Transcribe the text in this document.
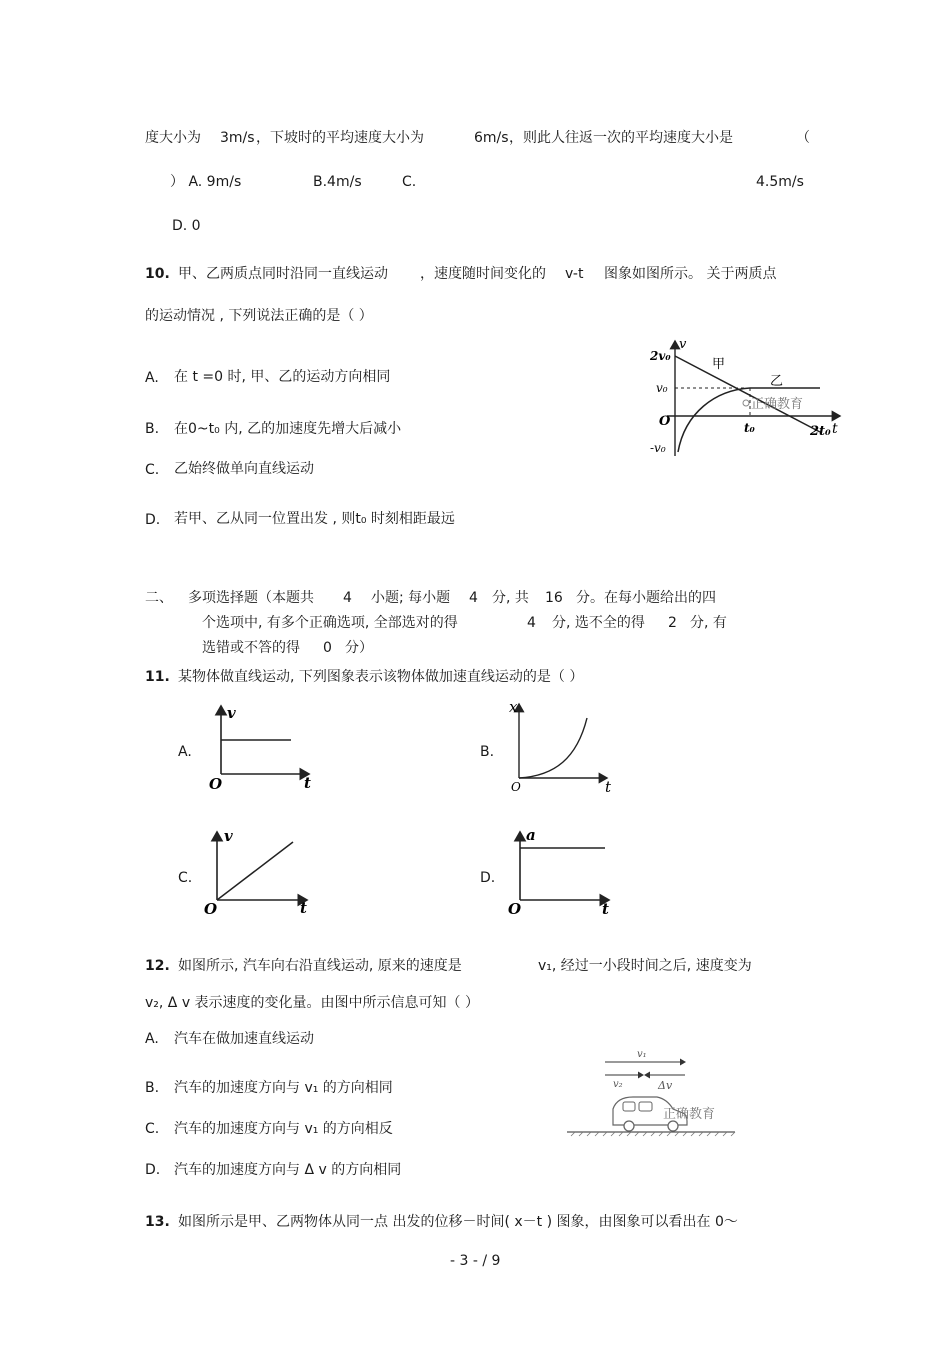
度大小为 3m/s ，下坡时的平均速度大小为	6m/s ，则此人往返一次的平均速度大小是	（
） A. 9m/s	B.4m/s	C.	4.5m/s
D. 0
10. 甲、乙两质点同时沿同一直线运动 ，速度随时间变化的 v-t 图象如图所示。 关于两质点
的运动情况 , 下列说法正确的是（ ）
A. 在 t =0 时, 甲、乙的运动方向相同
B. 在0~t₀ 内, 乙的加速度先增大后减小
C. 乙始终做单向直线运动
D. 若甲、乙从同一位置出发 , 则t₀ 时刻相距最远
v
t
2v₀
v₀
O
-v₀
t₀	2t₀
甲
乙
正确教育
二、 多项选择题（本题共 4 小题; 每小题 4 分, 共 16 分。在每小题给出的四
个选项中, 有多个正确选项, 全部选对的得	4 分, 选不全的得 2 分, 有
选错或不答的得 0 分）
11. 某物体做直线运动, 下列图象表示该物体做加速直线运动的是（ ）
A.	B.
C.	D.
v
t
O
x
t
O
v
t
O
a
t
O
12. 如图所示, 汽车向右沿直线运动, 原来的速度是	v₁, 经过一小段时间之后, 速度变为
v₂, Δ v 表示速度的变化量。由图中所示信息可知（ ）
A. 汽车在做加速直线运动
B. 汽车的加速度方向与 v₁ 的方向相同
C. 汽车的加速度方向与 v₁ 的方向相反
D. 汽车的加速度方向与 Δ v 的方向相同
v₁
v₂	Δv
正确教育
13. 如图所示是甲、乙两物体从同一点 出发的位移－时间( x－t ) 图象，由图象可以看出在 0～
- 3 - / 9
